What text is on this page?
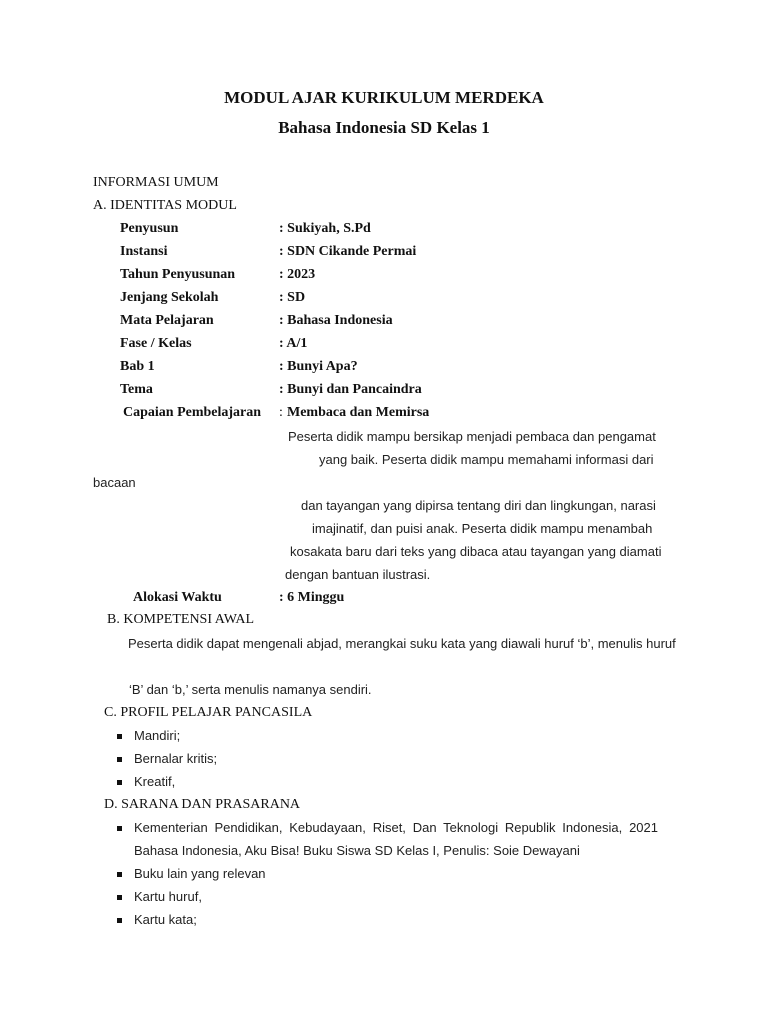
MODUL AJAR KURIKULUM MERDEKA
Bahasa Indonesia SD Kelas 1
INFORMASI UMUM
A. IDENTITAS MODUL
Penyusun	: Sukiyah, S.Pd
Instansi	: SDN Cikande Permai
Tahun Penyusunan	: 2023
Jenjang Sekolah	: SD
Mata Pelajaran	: Bahasa Indonesia
Fase / Kelas	: A/1
Bab 1	: Bunyi Apa?
Tema	: Bunyi dan Pancaindra
Capaian Pembelajaran : Membaca dan Memirsa
Peserta didik mampu bersikap menjadi pembaca dan pengamat
yang baik. Peserta didik mampu memahami informasi dari
bacaan
dan tayangan yang dipirsa tentang diri dan lingkungan, narasi
imajinatif, dan puisi anak. Peserta didik mampu menambah
kosakata baru dari teks yang dibaca atau tayangan yang diamati
dengan bantuan ilustrasi.
Alokasi Waktu	: 6 Minggu
B. KOMPETENSI AWAL
Peserta didik dapat mengenali abjad, merangkai suku kata yang diawali huruf ‘b’, menulis huruf
‘B’ dan ‘b,’ serta menulis namanya sendiri.
C. PROFIL PELAJAR PANCASILA
Mandiri;
Bernalar kritis;
Kreatif,
D. SARANA DAN PRASARANA
Kementerian Pendidikan, Kebudayaan, Riset, Dan Teknologi Republik Indonesia, 2021
Bahasa Indonesia, Aku Bisa! Buku Siswa SD Kelas I, Penulis: Soie Dewayani
Buku lain yang relevan
Kartu huruf,
Kartu kata;
